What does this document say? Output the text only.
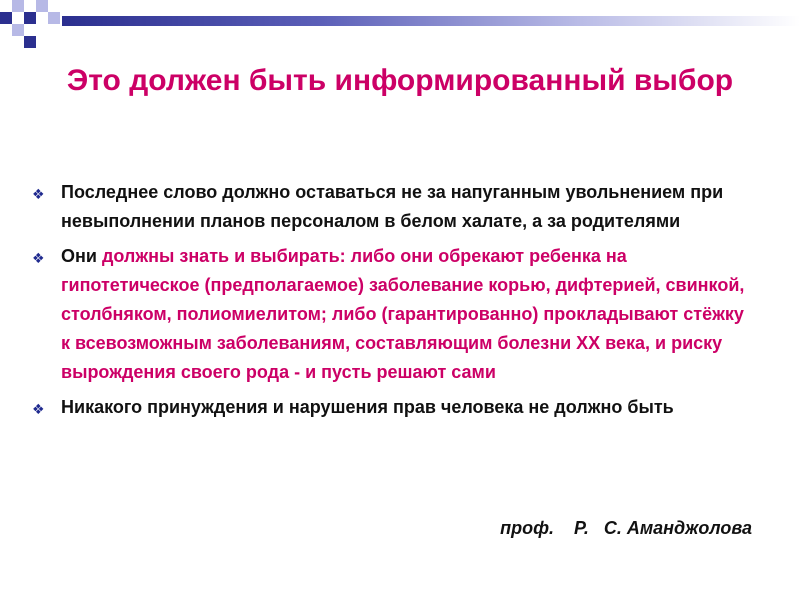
Это должен быть информированный выбор
❖ Последнее слово должно оставаться не за напуганным увольнением при невыполнении планов персоналом в белом халате, а за родителями
❖ Они должны знать и выбирать: либо они обрекают ребенка на гипотетическое (предполагаемое) заболевание корью, дифтерией, свинкой, столбняком, полиомиелитом; либо (гарантированно) прокладывают стёжку к всевозможным заболеваниям, составляющим болезни ХХ века, и риску вырождения своего рода - и пусть решают сами
❖ Никакого принуждения и нарушения прав человека не должно быть
проф.    Р.   С. Аманджолова
